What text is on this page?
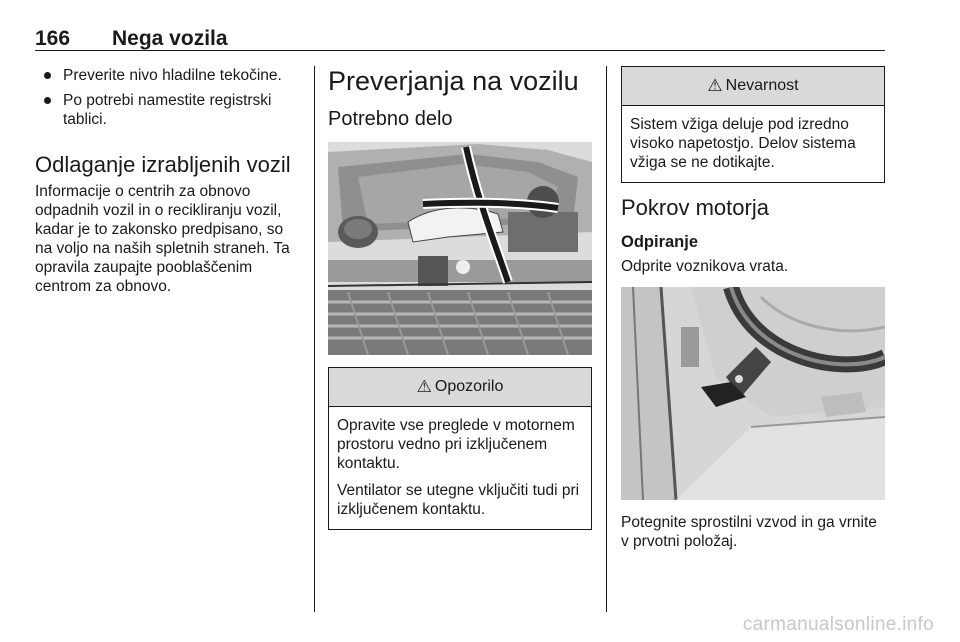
166 Nega vozila
Preverite nivo hladilne tekočine.
Po potrebi namestite registrski tablici.
Odlaganje izrabljenih vozil

Informacije o centrih za obnovo odpadnih vozil in o recikliranju vozil, kadar je to zakonsko predpisano, so na voljo na naših spletnih straneh. Ta opravila zaupajte pooblaščenim centrom za obnovo.

Preverjanja na vozilu
Potrebno delo
⚠ Opozorilo

Opravite vse preglede v motornem prostoru vedno pri izključenem kontaktu.

Ventilator se utegne vključiti tudi pri izključenem kontaktu.

⚠ Nevarnost

Sistem vžiga deluje pod izredno visoko napetostjo. Delov sistema vžiga se ne dotikajte.

Pokrov motorja
Odpiranje

Odprite voznikova vrata.

Potegnite sprostilni vzvod in ga vrnite v prvotni položaj.

carmanualsonline.info
